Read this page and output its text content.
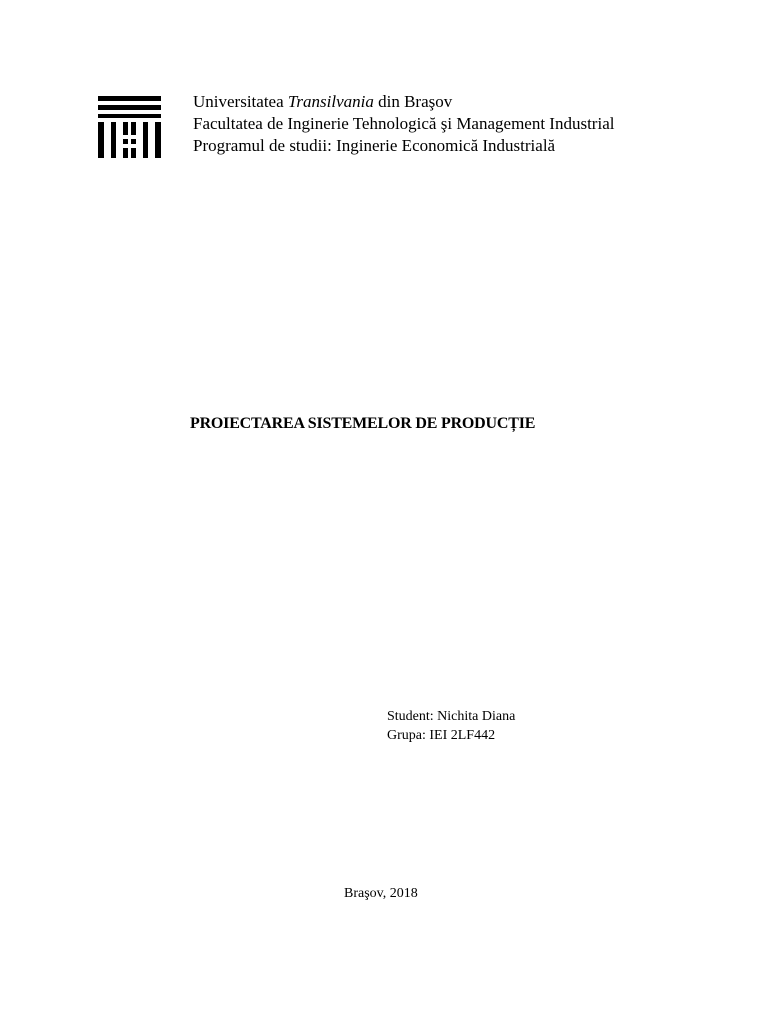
Universitatea Transilvania din Braşov
Facultatea de Inginerie Tehnologică şi Management Industrial
Programul de studii: Inginerie Economică Industrială
PROIECTAREA SISTEMELOR DE PRODUCȚIE
Student: Nichita Diana
Grupa: IEI 2LF442
Braşov, 2018
